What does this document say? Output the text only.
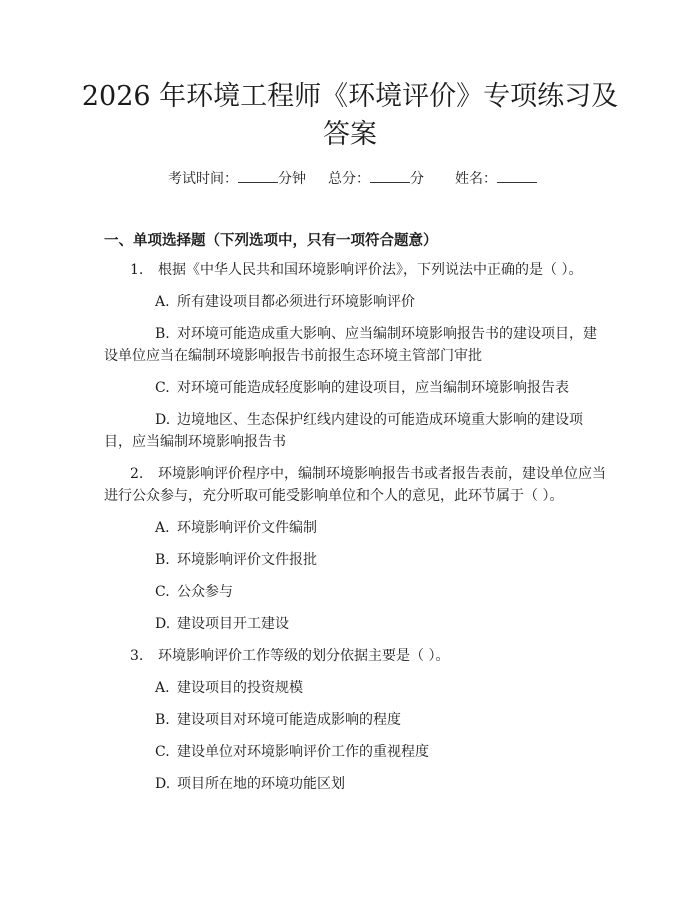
2026 年环境工程师《环境评价》专项练习及
答案
考试时间：	分钟 总分：	分 姓名：
一、单项选择题（下列选项中，只有一项符合题意）
1. 根据《中华人民共和国环境影响评价法》，下列说法中正确的是（ ）。
A. 所有建设项目都必须进行环境影响评价
B. 对环境可能造成重大影响、应当编制环境影响报告书的建设项目，建
设单位应当在编制环境影响报告书前报生态环境主管部门审批
C. 对环境可能造成轻度影响的建设项目，应当编制环境影响报告表
D. 边境地区、生态保护红线内建设的可能造成环境重大影响的建设项
目，应当编制环境影响报告书
2. 环境影响评价程序中，编制环境影响报告书或者报告表前，建设单位应当
进行公众参与，充分听取可能受影响单位和个人的意见，此环节属于（ ）。
A. 环境影响评价文件编制
B. 环境影响评价文件报批
C. 公众参与
D. 建设项目开工建设
3. 环境影响评价工作等级的划分依据主要是（ ）。
A. 建设项目的投资规模
B. 建设项目对环境可能造成影响的程度
C. 建设单位对环境影响评价工作的重视程度
D. 项目所在地的环境功能区划
